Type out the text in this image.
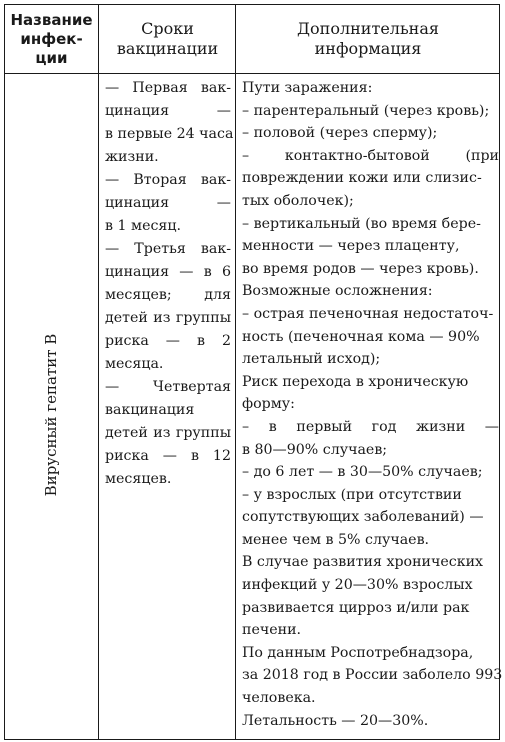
Название
инфек-
ции
Сроки
вакцинации
Дополнительная
информация
Вирусный гепатит В
— Первая вак-
цинация —
в первые 24 часа
жизни.
— Вторая вак-
цинация —
в 1 месяц.
— Третья вак-
цинация — в 6
месяцев; для
детей из группы
риска — в 2
месяца.
— Четвертая
вакцинация
детей из группы
риска — в 12
месяцев.
Пути заражения:
– парентеральный (через кровь);
– половой (через сперму);
– контактно-бытовой (при
повреждении кожи или слизис-
тых оболочек);
– вертикальный (во время бере-
менности — через плаценту,
во время родов — через кровь).
Возможные осложнения:
– острая печеночная недостаточ-
ность (печеночная кома — 90%
летальный исход);
Риск перехода в хроническую
форму:
– в первый год жизни —
в 80—90% случаев;
– до 6 лет — в 30—50% случаев;
– у взрослых (при отсутствии
сопутствующих заболеваний) —
менее чем в 5% случаев.
В случае развития хронических
инфекций у 20—30% взрослых
развивается цирроз и/или рак
печени.
По данным Роспотребнадзора,
за 2018 год в России заболело 993
человека.
Летальность — 20—30%.
